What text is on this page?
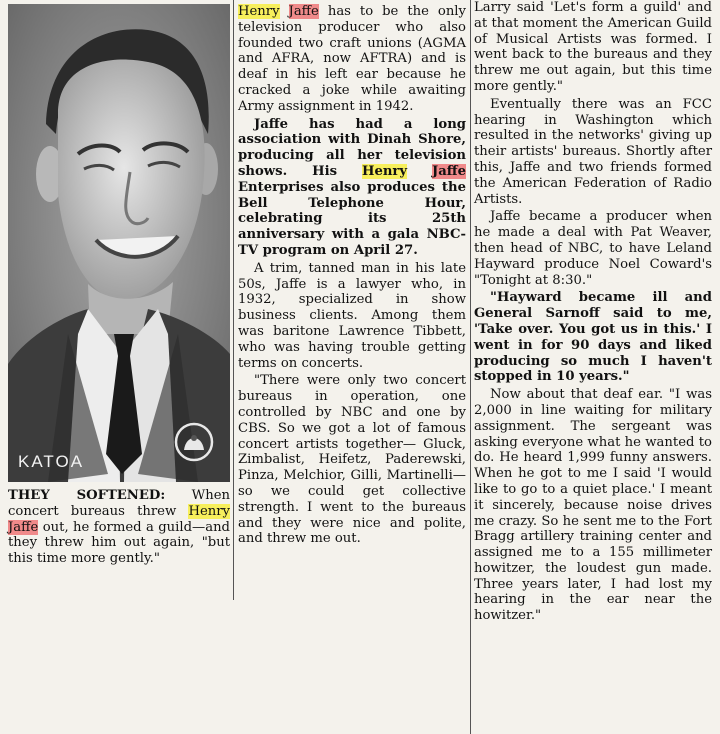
KATOA
THEY SOFTENED: When concert bureaus threw Henry Jaffe out, he formed a guild—and they threw him out again, "but this time more gently."

Henry Jaffe has to be the only television producer who also founded two craft unions (AGMA and AFRA, now AFTRA) and is deaf in his left ear because he cracked a joke while awaiting Army assignment in 1942.

Jaffe has had a long association with Dinah Shore, producing all her television shows. His Henry Jaffe Enterprises also produces the Bell Telephone Hour, celebrating its 25th anniversary with a gala NBC-TV program on April 27.

A trim, tanned man in his late 50s, Jaffe is a lawyer who, in 1932, specialized in show business clients. Among them was baritone Lawrence Tibbett, who was having trouble getting terms on concerts.

"There were only two concert bureaus in operation, one controlled by NBC and one by CBS. So we got a lot of famous concert artists together— Gluck, Zimbalist, Heifetz, Paderewski, Pinza, Melchior, Gilli, Martinelli—so we could get collective strength. I went to the bureaus and they were nice and polite, and threw me out.

Larry said 'Let's form a guild' and at that moment the American Guild of Musical Artists was formed. I went back to the bureaus and they threw me out again, but this time more gently."

Eventually there was an FCC hearing in Washington which resulted in the networks' giving up their artists' bureaus. Shortly after this, Jaffe and two friends formed the American Federation of Radio Artists.

Jaffe became a producer when he made a deal with Pat Weaver, then head of NBC, to have Leland Hayward produce Noel Coward's "Tonight at 8:30."

"Hayward became ill and General Sarnoff said to me, 'Take over. You got us in this.' I went in for 90 days and liked producing so much I haven't stopped in 10 years."

Now about that deaf ear. "I was 2,000 in line waiting for military assignment. The sergeant was asking everyone what he wanted to do. He heard 1,999 funny answers. When he got to me I said 'I would like to go to a quiet place.' I meant it sincerely, because noise drives me crazy. So he sent me to the Fort Bragg artillery training center and assigned me to a 155 millimeter howitzer, the loudest gun made. Three years later, I had lost my hearing in the ear near the howitzer."
